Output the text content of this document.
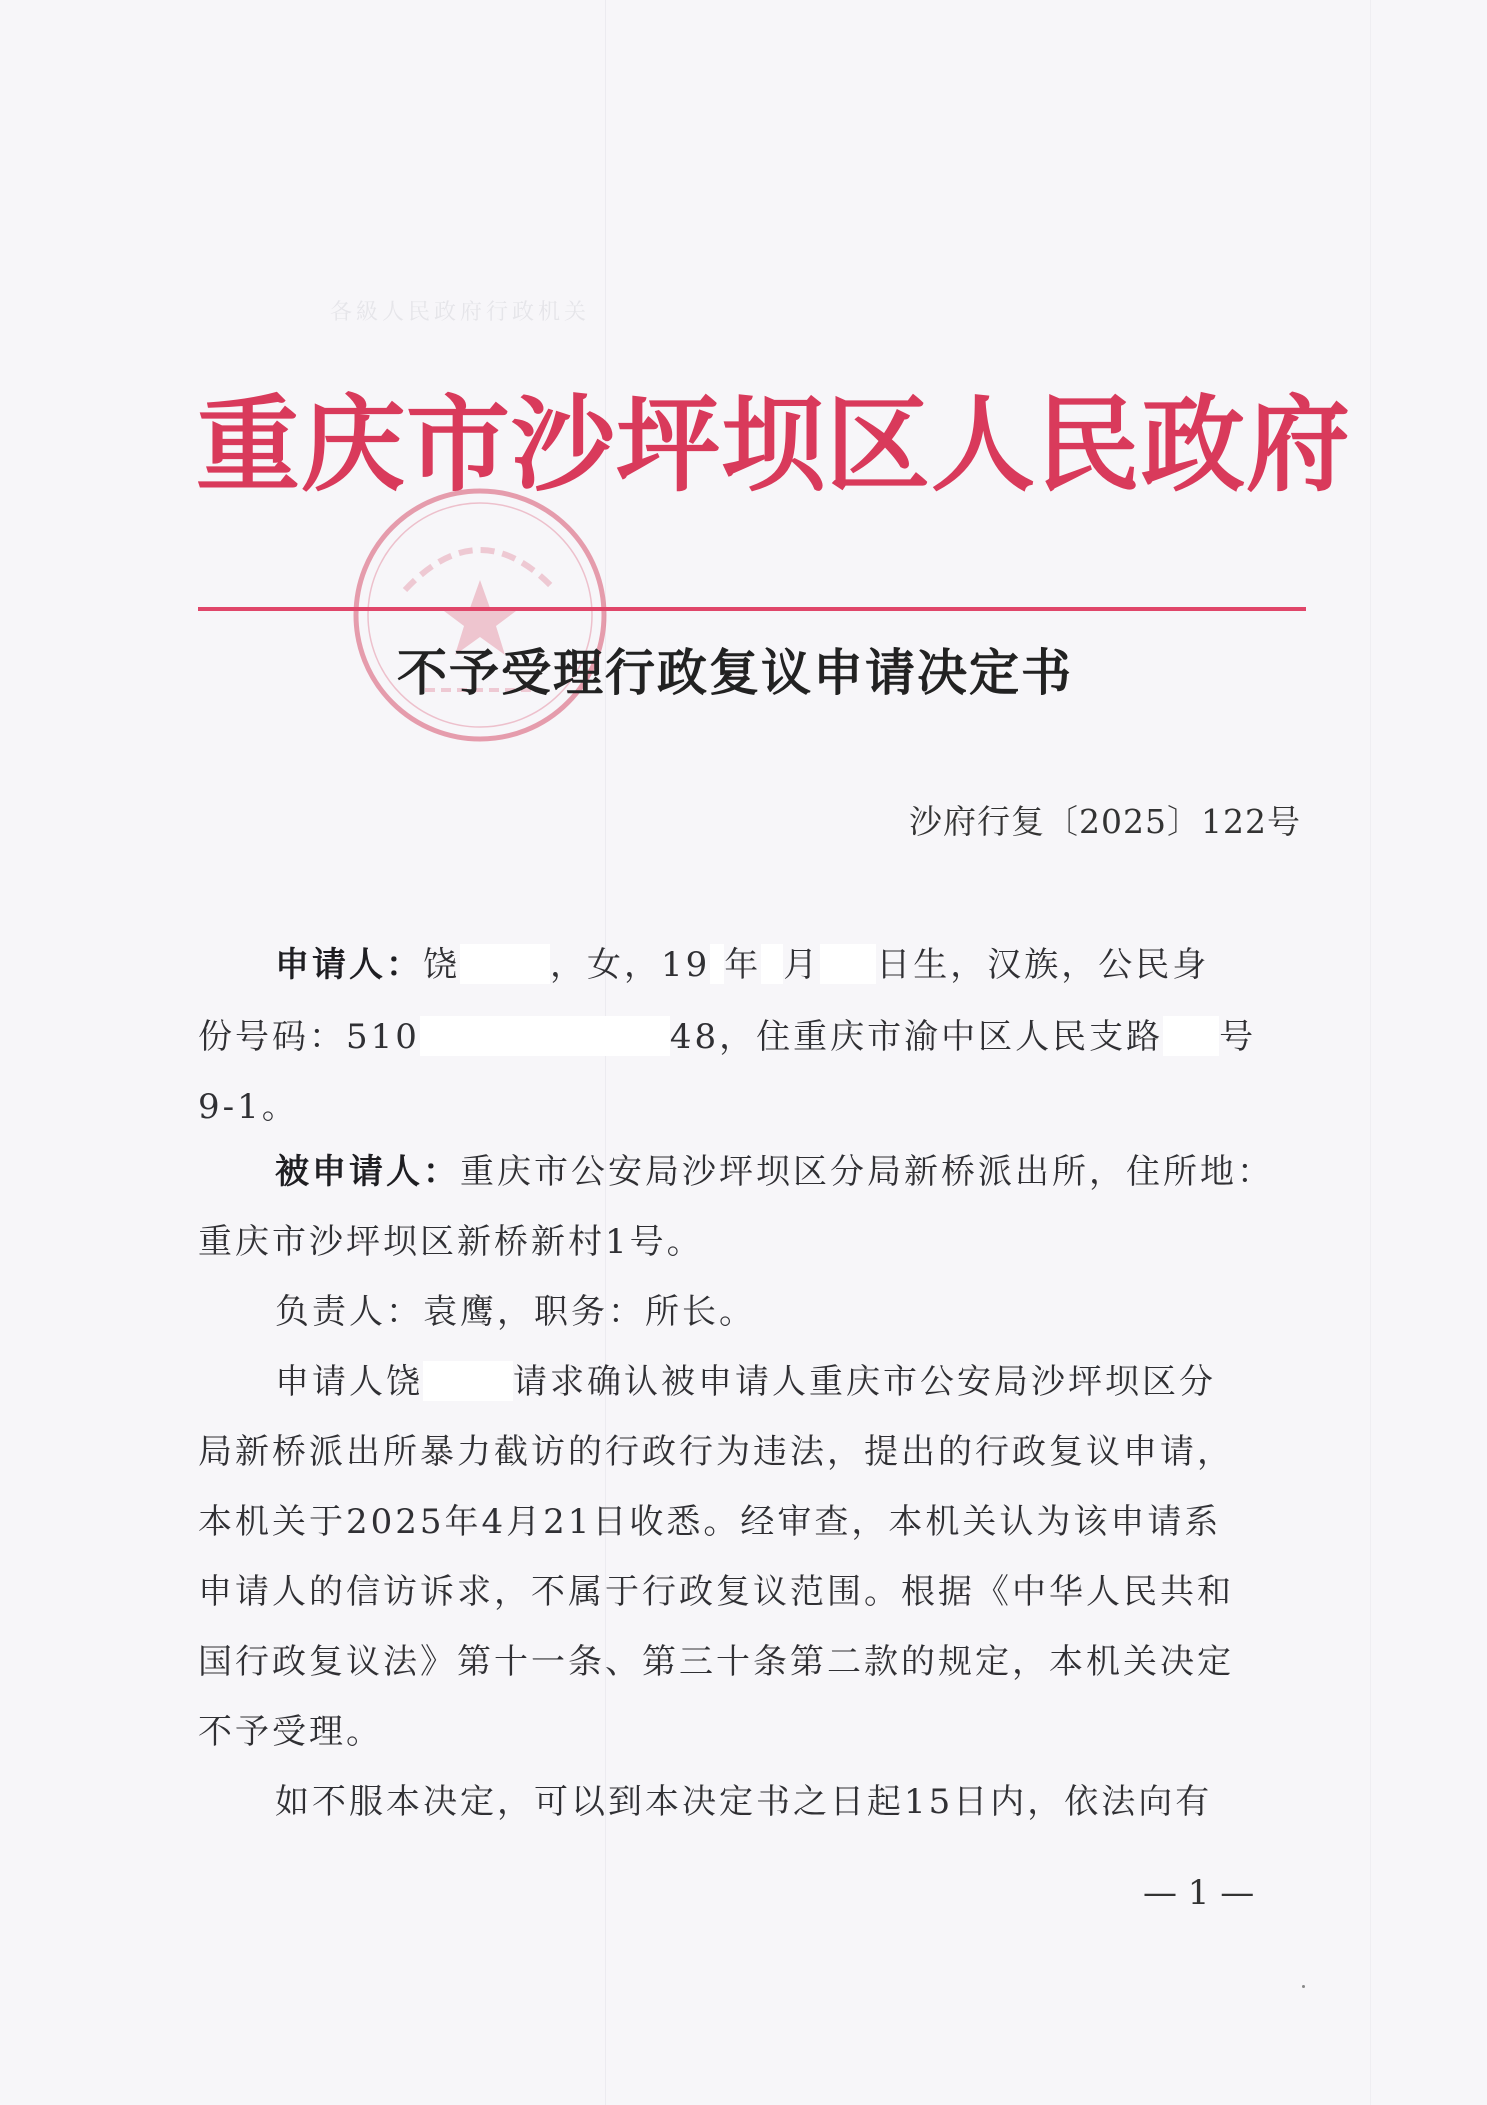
各級人民政府行政机关
重庆市沙坪坝区人民政府
不予受理行政复议申请决定书
沙府行复〔2025〕122号
申请人：饶	，女，19 年 月 日生，汉族，公民身
份号码：510	48，住重庆市渝中区人民支路 号
9-1。
被申请人：重庆市公安局沙坪坝区分局新桥派出所，住所地：
重庆市沙坪坝区新桥新村1号。
负责人：袁鹰，职务：所长。
申请人饶	请求确认被申请人重庆市公安局沙坪坝区分
局新桥派出所暴力截访的行政行为违法，提出的行政复议申请，
本机关于2025年4月21日收悉。经审查，本机关认为该申请系
申请人的信访诉求，不属于行政复议范围。根据《中华人民共和
国行政复议法》第十一条、第三十条第二款的规定，本机关决定
不予受理。
如不服本决定，可以到本决定书之日起15日内，依法向有
— 1 —
